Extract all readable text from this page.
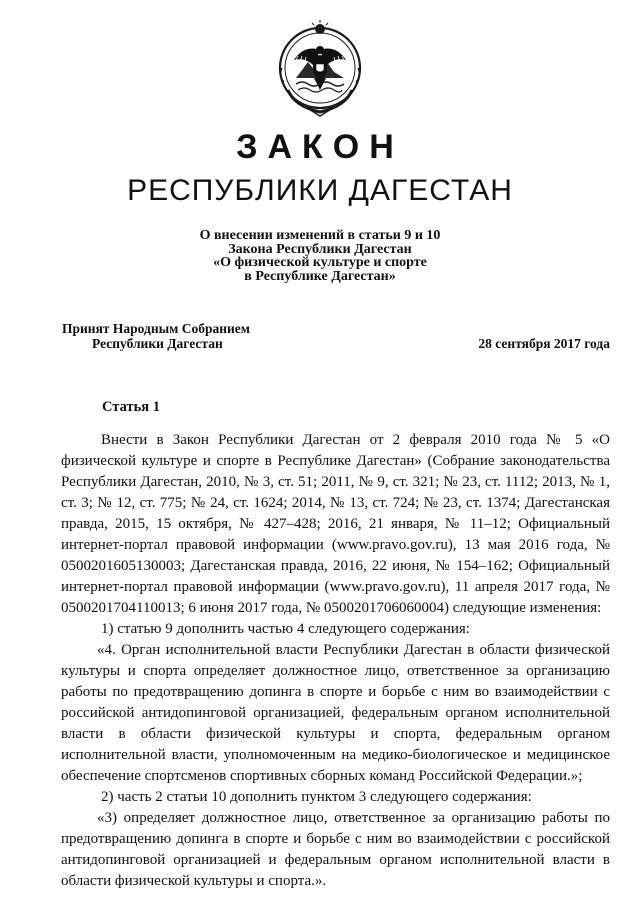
ЗАКОН
РЕСПУБЛИКИ ДАГЕСТАН
О внесении изменений в статьи 9 и 10
Закона Республики Дагестан
«О физической культуре и спорте
в Республике Дагестан»
Принят Народным Собранием
Республики Дагестан	28 сентября 2017 года
Статья 1

Внести в Закон Республики Дагестан от 2 февраля 2010 года № 5 «О физической культуре и спорте в Республике Дагестан» (Собрание законодательства Республики Дагестан, 2010, № 3, ст. 51; 2011, № 9, ст. 321; № 23, ст. 1112; 2013, № 1, ст. 3; № 12, ст. 775; № 24, ст. 1624; 2014, № 13, ст. 724; № 23, ст. 1374; Дагестанская правда, 2015, 15 октября, № 427–428; 2016, 21 января, № 11–12; Официальный интернет-портал правовой информации (www.pravo.gov.ru), 13 мая 2016 года, № 0500201605130003; Дагестанская правда, 2016, 22 июня, № 154–162; Официальный интернет-портал правовой информации (www.pravo.gov.ru), 11 апреля 2017 года, № 0500201704110013; 6 июня 2017 года, № 0500201706060004) следующие изменения:

1) статью 9 дополнить частью 4 следующего содержания:

«4. Орган исполнительной власти Республики Дагестан в области физической культуры и спорта определяет должностное лицо, ответственное за организацию работы по предотвращению допинга в спорте и борьбе с ним во взаимодействии с российской антидопинговой организацией, федеральным органом исполнительной власти в области физической культуры и спорта, федеральным органом исполнительной власти, уполномоченным на медико-биологическое и медицинское обеспечение спортсменов спортивных сборных команд Российской Федерации.»;

2) часть 2 статьи 10 дополнить пунктом 3 следующего содержания:

«3) определяет должностное лицо, ответственное за организацию работы по предотвращению допинга в спорте и борьбе с ним во взаимодействии с российской антидопинговой организацией и федеральным органом исполнительной власти в области физической культуры и спорта.».
